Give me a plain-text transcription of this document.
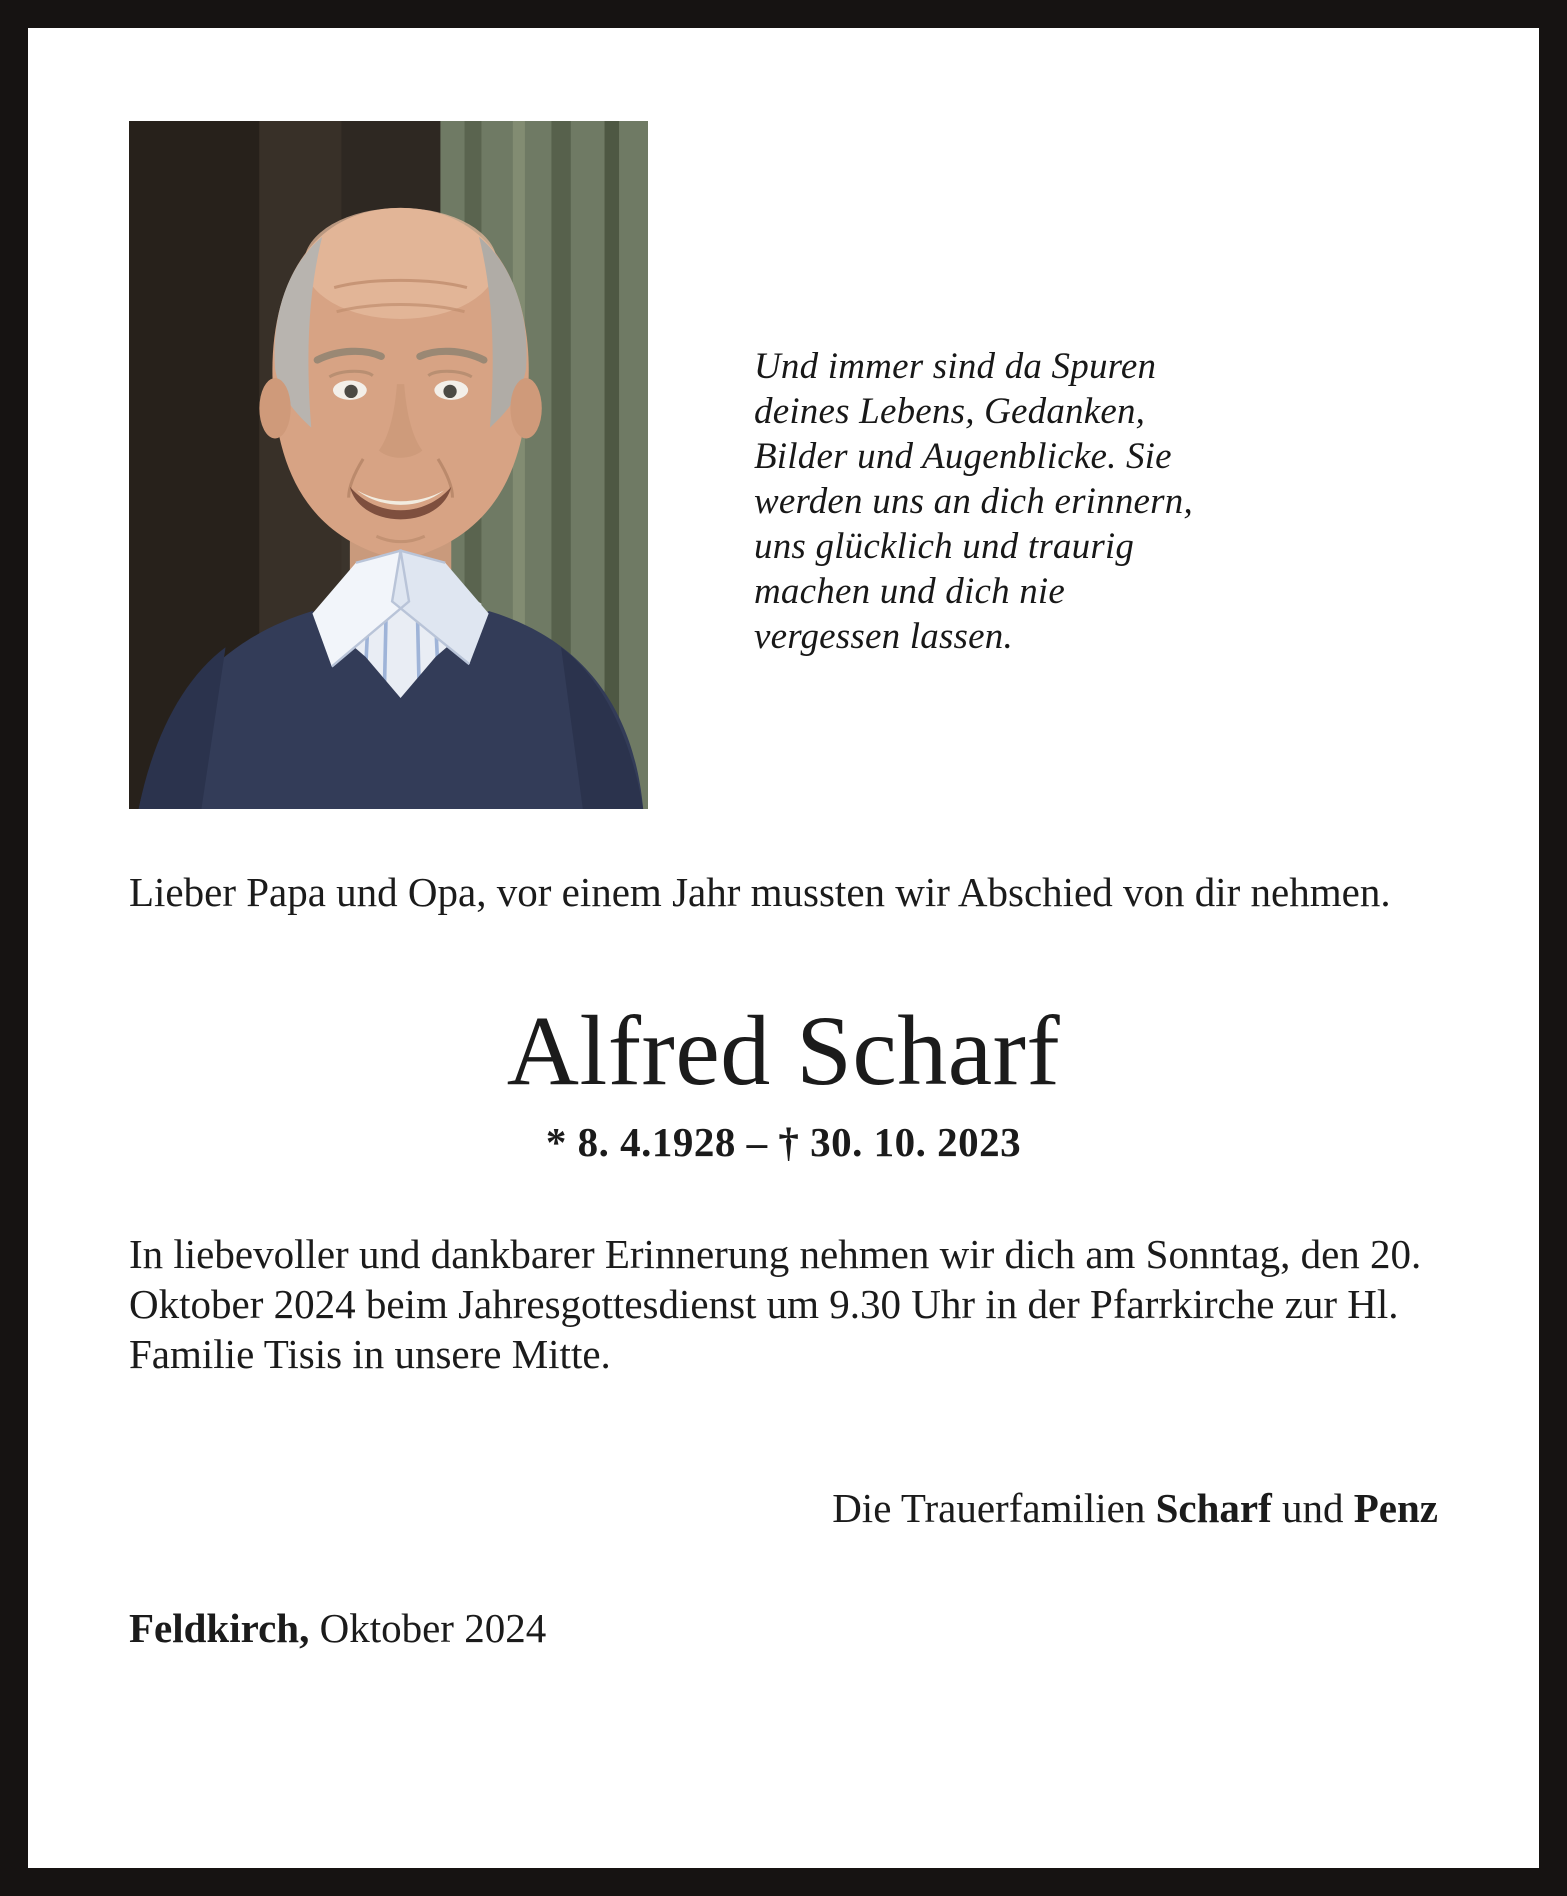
Und immer sind da Spuren
deines Lebens, Gedanken,
Bilder und Augenblicke. Sie
werden uns an dich erinnern,
uns glücklich und traurig
machen und dich nie
vergessen lassen.

Lieber Papa und Opa, vor einem Jahr mussten wir Abschied von dir nehmen.

Alfred Scharf

* 8. 4.1928 – † 30. 10. 2023

In liebevoller und dankbarer Erinnerung nehmen wir dich am Sonntag, den 20. Oktober 2024 beim Jahresgottesdienst um 9.30 Uhr in der Pfarrkirche zur Hl. Familie Tisis in unsere Mitte.

Die Trauerfamilien Scharf und Penz

Feldkirch, Oktober 2024
